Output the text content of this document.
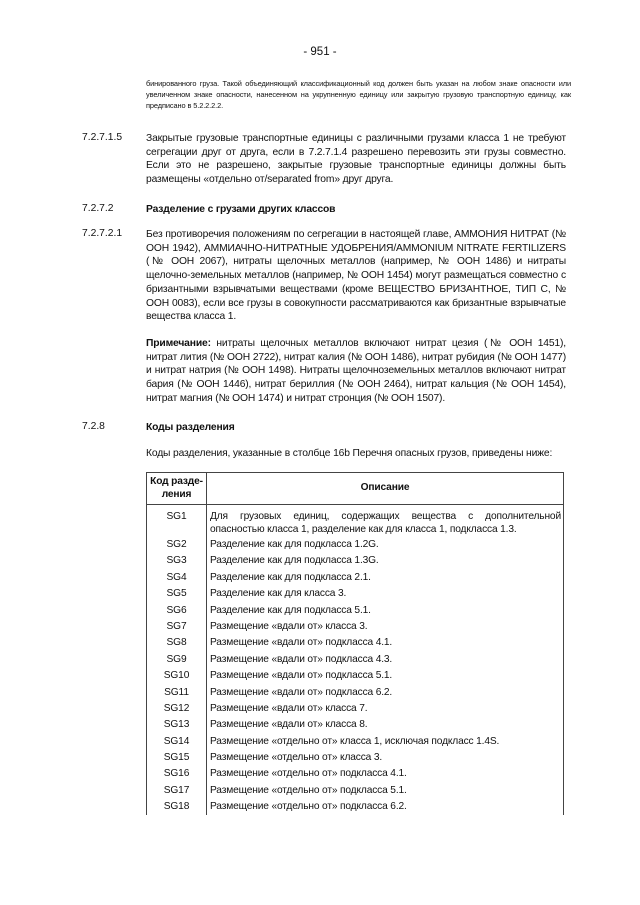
- 951 -
бинированного груза. Такой объединяющий классификационный код должен быть указан на любом знаке опасности или увеличенном знаке опасности, нанесенном на укрупненную единицу или закрытую грузовую транспортную единицу, как предписано в 5.2.2.2.2.
7.2.7.1.5 Закрытые грузовые транспортные единицы с различными грузами класса 1 не требуют сегрегации друг от друга, если в 7.2.7.1.4 разрешено перевозить эти грузы совместно. Если это не разрешено, закрытые грузовые транспортные единицы должны быть размещены «отдельно от/separated from» друг друга.
7.2.7.2	Разделение с грузами других классов
7.2.7.2.1 Без противоречия положениям по сегрегации в настоящей главе, АММОНИЯ НИТРАТ (№ ООН 1942), АММИАЧНО-НИТРАТНЫЕ УДОБРЕНИЯ/AMMONIUM NITRATE FERTILIZERS (№ ООН 2067), нитраты щелочных металлов (например, № ООН 1486) и нитраты щелочно-земельных металлов (например, № ООН 1454) могут размещаться совместно с бризантными взрывчатыми веществами (кроме ВЕЩЕСТВО БРИЗАНТНОЕ, ТИП С, № ООН 0083), если все грузы в совокупности рассматриваются как бризантные взрывчатые вещества класса 1.
Примечание: нитраты щелочных металлов включают нитрат цезия (№ ООН 1451), нитрат лития (№ ООН 2722), нитрат калия (№ ООН 1486), нитрат рубидия (№ ООН 1477) и нитрат натрия (№ ООН 1498). Нитраты щелочноземельных металлов включают нитрат бария (№ ООН 1446), нитрат бериллия (№ ООН 2464), нитрат кальция (№ ООН 1454), нитрат магния (№ ООН 1474) и нитрат стронция (№ ООН 1507).
7.2.8	Коды разделения
Коды разделения, указанные в столбце 16b Перечня опасных грузов, приведены ниже:
Код разде-ления	Описание
SG1	Для грузовых единиц, содержащих вещества с дополнительной опасностью класса 1, разделение как для класса 1, подкласса 1.3.
SG2	Разделение как для подкласса 1.2G.
SG3	Разделение как для подкласса 1.3G.
SG4	Разделение как для подкласса 2.1.
SG5	Разделение как для класса 3.
SG6	Разделение как для подкласса 5.1.
SG7	Размещение «вдали от» класса 3.
SG8	Размещение «вдали от» подкласса 4.1.
SG9	Размещение «вдали от» подкласса 4.3.
SG10	Размещение «вдали от» подкласса 5.1.
SG11	Размещение «вдали от» подкласса 6.2.
SG12	Размещение «вдали от» класса 7.
SG13	Размещение «вдали от» класса 8.
SG14	Размещение «отдельно от» класса 1, исключая подкласс 1.4S.
SG15	Размещение «отдельно от» класса 3.
SG16	Размещение «отдельно от» подкласса 4.1.
SG17	Размещение «отдельно от» подкласса 5.1.
SG18	Размещение «отдельно от» подкласса 6.2.
